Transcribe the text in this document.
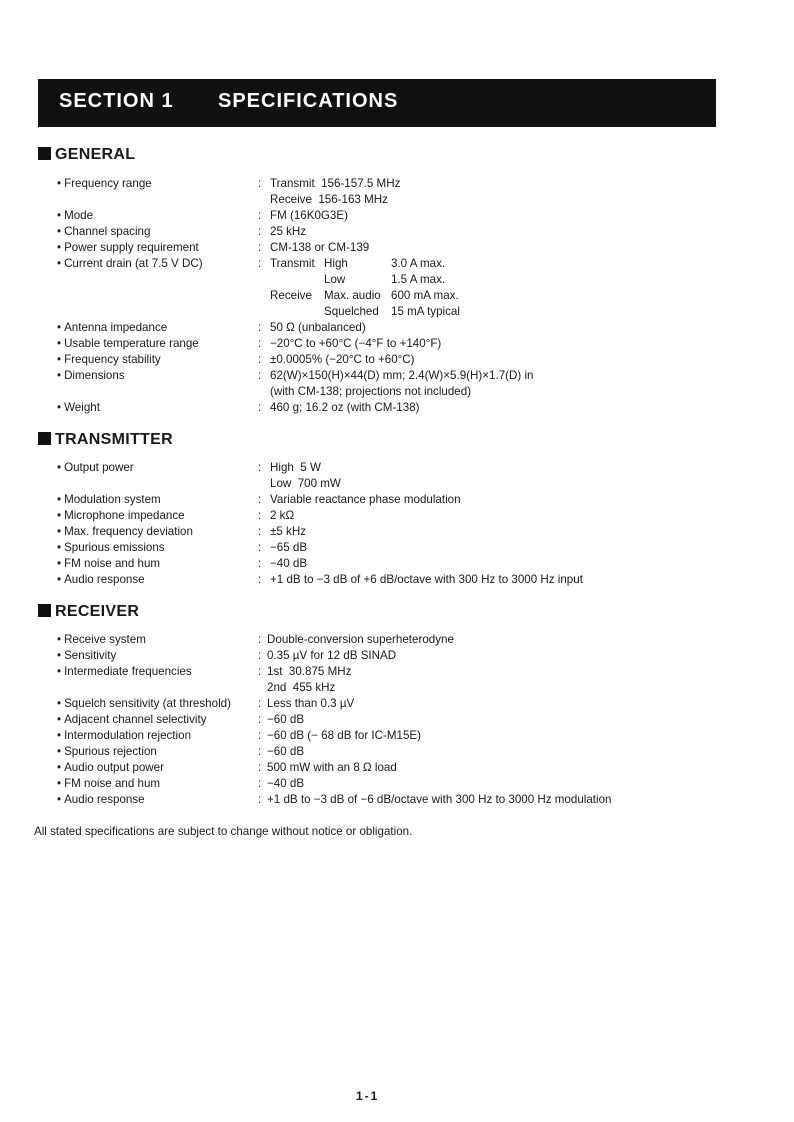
SECTION 1 SPECIFICATIONS
GENERAL
• Frequency range	: Transmit  156-157.5 MHz
Receive  156-163 MHz
• Mode	: FM (16K0G3E)
• Channel spacing	: 25 kHz
• Power supply requirement	: CM-138 or CM-139
• Current drain (at 7.5 V DC)	: Transmit High	3.0 A max.
Low	1.5 A max.
Receive Max. audio 600 mA max.
Squelched 15 mA typical
• Antenna impedance	: 50 Ω (unbalanced)
• Usable temperature range	: −20°C to +60°C (−4°F to +140°F)
• Frequency stability	: ±0.0005% (−20°C to +60°C)
• Dimensions	: 62(W)×150(H)×44(D) mm; 2.4(W)×5.9(H)×1.7(D) in
(with CM-138; projections not included)
• Weight	: 460 g; 16.2 oz (with CM-138)
TRANSMITTER
• Output power	: High  5 W
Low  700 mW
• Modulation system	: Variable reactance phase modulation
• Microphone impedance	: 2 kΩ
• Max. frequency deviation	: ±5 kHz
• Spurious emissions	: −65 dB
• FM noise and hum	: −40 dB
• Audio response	: +1 dB to −3 dB of +6 dB/octave with 300 Hz to 3000 Hz input
RECEIVER
• Receive system	: Double-conversion superheterodyne
• Sensitivity	: 0.35 µV for 12 dB SINAD
• Intermediate frequencies	: 1st  30.875 MHz
2nd  455 kHz
• Squelch sensitivity (at threshold) : Less than 0.3 µV
• Adjacent channel selectivity	: −60 dB
• Intermodulation rejection	: −60 dB (− 68 dB for IC-M15E)
• Spurious rejection	: −60 dB
• Audio output power	: 500 mW with an 8 Ω load
• FM noise and hum	: −40 dB
• Audio response	: +1 dB to −3 dB of −6 dB/octave with 300 Hz to 3000 Hz modulation
All stated specifications are subject to change without notice or obligation.
1-1
